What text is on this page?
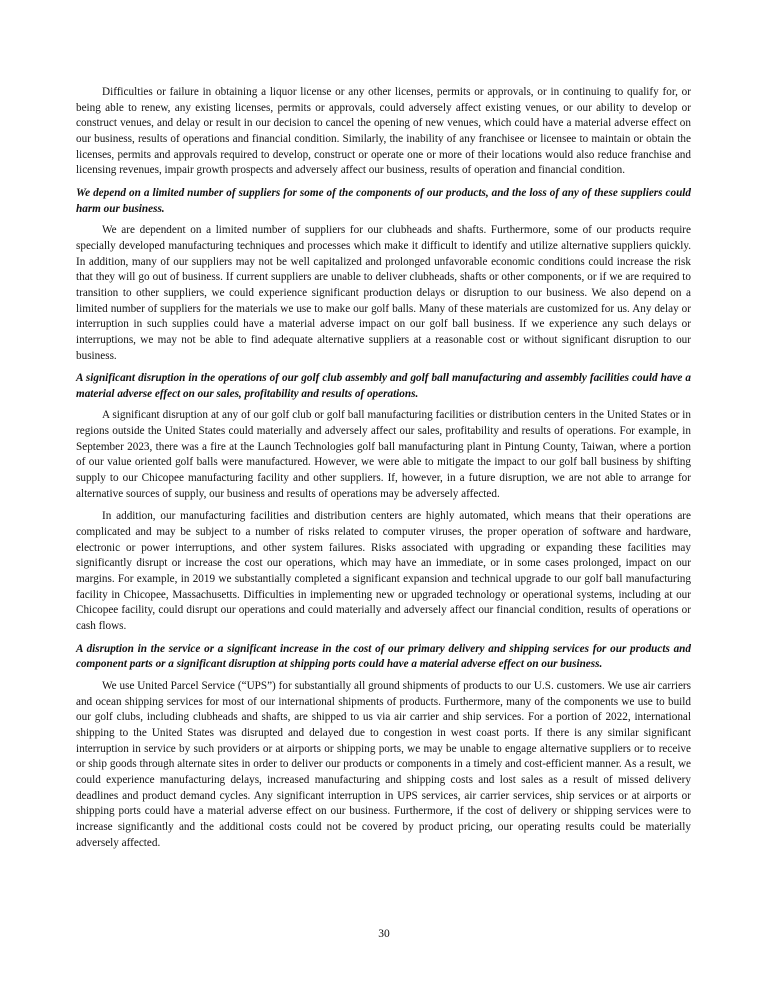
Difficulties or failure in obtaining a liquor license or any other licenses, permits or approvals, or in continuing to qualify for, or being able to renew, any existing licenses, permits or approvals, could adversely affect existing venues, or our ability to develop or construct venues, and delay or result in our decision to cancel the opening of new venues, which could have a material adverse effect on our business, results of operations and financial condition. Similarly, the inability of any franchisee or licensee to maintain or obtain the licenses, permits and approvals required to develop, construct or operate one or more of their locations would also reduce franchise and licensing revenues, impair growth prospects and adversely affect our business, results of operation and financial condition.

We depend on a limited number of suppliers for some of the components of our products, and the loss of any of these suppliers could harm our business.

We are dependent on a limited number of suppliers for our clubheads and shafts. Furthermore, some of our products require specially developed manufacturing techniques and processes which make it difficult to identify and utilize alternative suppliers quickly. In addition, many of our suppliers may not be well capitalized and prolonged unfavorable economic conditions could increase the risk that they will go out of business. If current suppliers are unable to deliver clubheads, shafts or other components, or if we are required to transition to other suppliers, we could experience significant production delays or disruption to our business. We also depend on a limited number of suppliers for the materials we use to make our golf balls. Many of these materials are customized for us. Any delay or interruption in such supplies could have a material adverse impact on our golf ball business. If we experience any such delays or interruptions, we may not be able to find adequate alternative suppliers at a reasonable cost or without significant disruption to our business.

A significant disruption in the operations of our golf club assembly and golf ball manufacturing and assembly facilities could have a material adverse effect on our sales, profitability and results of operations.

A significant disruption at any of our golf club or golf ball manufacturing facilities or distribution centers in the United States or in regions outside the United States could materially and adversely affect our sales, profitability and results of operations. For example, in September 2023, there was a fire at the Launch Technologies golf ball manufacturing plant in Pintung County, Taiwan, where a portion of our value oriented golf balls were manufactured. However, we were able to mitigate the impact to our golf ball business by shifting supply to our Chicopee manufacturing facility and other suppliers. If, however, in a future disruption, we are not able to arrange for alternative sources of supply, our business and results of operations may be adversely affected.

In addition, our manufacturing facilities and distribution centers are highly automated, which means that their operations are complicated and may be subject to a number of risks related to computer viruses, the proper operation of software and hardware, electronic or power interruptions, and other system failures. Risks associated with upgrading or expanding these facilities may significantly disrupt or increase the cost our operations, which may have an immediate, or in some cases prolonged, impact on our margins. For example, in 2019 we substantially completed a significant expansion and technical upgrade to our golf ball manufacturing facility in Chicopee, Massachusetts. Difficulties in implementing new or upgraded technology or operational systems, including at our Chicopee facility, could disrupt our operations and could materially and adversely affect our financial condition, results of operations or cash flows.

A disruption in the service or a significant increase in the cost of our primary delivery and shipping services for our products and component parts or a significant disruption at shipping ports could have a material adverse effect on our business.

We use United Parcel Service (“UPS”) for substantially all ground shipments of products to our U.S. customers. We use air carriers and ocean shipping services for most of our international shipments of products. Furthermore, many of the components we use to build our golf clubs, including clubheads and shafts, are shipped to us via air carrier and ship services. For a portion of 2022, international shipping to the United States was disrupted and delayed due to congestion in west coast ports. If there is any similar significant interruption in service by such providers or at airports or shipping ports, we may be unable to engage alternative suppliers or to receive or ship goods through alternate sites in order to deliver our products or components in a timely and cost-efficient manner. As a result, we could experience manufacturing delays, increased manufacturing and shipping costs and lost sales as a result of missed delivery deadlines and product demand cycles. Any significant interruption in UPS services, air carrier services, ship services or at airports or shipping ports could have a material adverse effect on our business. Furthermore, if the cost of delivery or shipping services were to increase significantly and the additional costs could not be covered by product pricing, our operating results could be materially adversely affected.

30
